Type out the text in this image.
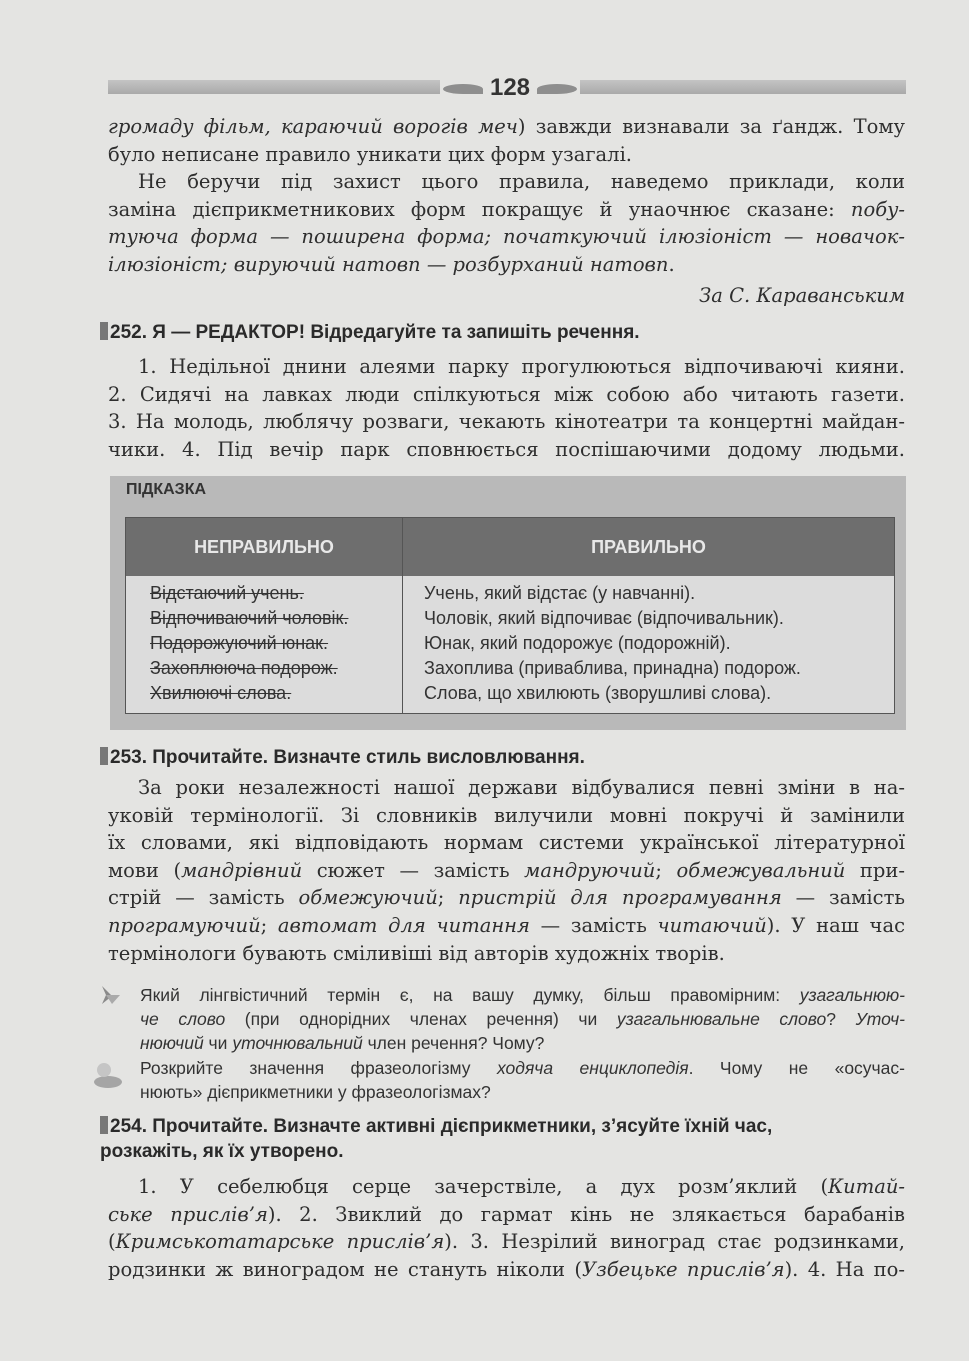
128
громаду фільм, караючий ворогів меч) завжди визнавали за ґандж. Тому
було неписане правило уникати цих форм узагалі.
Не беручи під захист цього правила, наведемо приклади, коли
заміна дієприкметникових форм покращує й унаочнює сказане: побу-
туюча форма — поширена форма; початкуючий ілюзіоніст — новачок-
ілюзіоніст; вируючий натовп — розбурханий натовп.
За С. Караванським
252. Я — РЕДАКТОР! Відредагуйте та запишіть речення.
1. Недільної днини алеями парку прогулюються відпочиваючі кияни.
2. Сидячі на лавках люди спілкуються між собою або читають газети.
3. На молодь, люблячу розваги, чекають кінотеатри та концертні майдан-
чики. 4. Під вечір парк сповнюється поспішаючими додому людьми.
ПІДКАЗКА
НЕПРАВИЛЬНО	ПРАВИЛЬНО
Відстаючий учень.	Учень, який відстає (у навчанні).
Відпочиваючий чоловік.	Чоловік, який відпочиває (відпочивальник).
Подорожуючий юнак.	Юнак, який подорожує (подорожній).
Захоплююча подорож.	Захоплива (приваблива, принадна) подорож.
Хвилюючі слова.	Слова, що хвилюють (зворушливі слова).
253. Прочитайте. Визначте стиль висловлювання.
За роки незалежності нашої держави відбувалися певні зміни в на-
уковій термінології. Зі словників вилучили мовні покручі й замінили
їх словами, які відповідають нормам системи української літературної
мови (мандрівний сюжет — замість мандруючий; обмежувальний при-
стрій — замість обмежуючий; пристрій для програмування — замість
програмуючий; автомат для читання — замість читаючий). У наш час
термінологи бувають сміливіші від авторів художніх творів.
Який лінгвістичний термін є, на вашу думку, більш правомірним: узагальнюю-
че слово (при однорідних членах речення) чи узагальнювальне слово? Уточ-
нюючий чи уточнювальний член речення? Чому?
Розкрийте значення фразеологізму ходяча енциклопедія. Чому не «осучас-
нюють» дієприкметники у фразеологізмах?
254. Прочитайте. Визначте активні дієприкметники, з’ясуйте їхній час,
розкажіть, як їх утворено.
1. У себелюбця серце зачерствіле, а дух розм’яклий (Китай-
ське прислів’я). 2. Звиклий до гармат кінь не злякається барабанів
(Кримськотатарське прислів’я). 3. Незрілий виноград стає родзинками,
родзинки ж виноградом не стануть ніколи (Узбецьке прислів’я). 4. На по-
